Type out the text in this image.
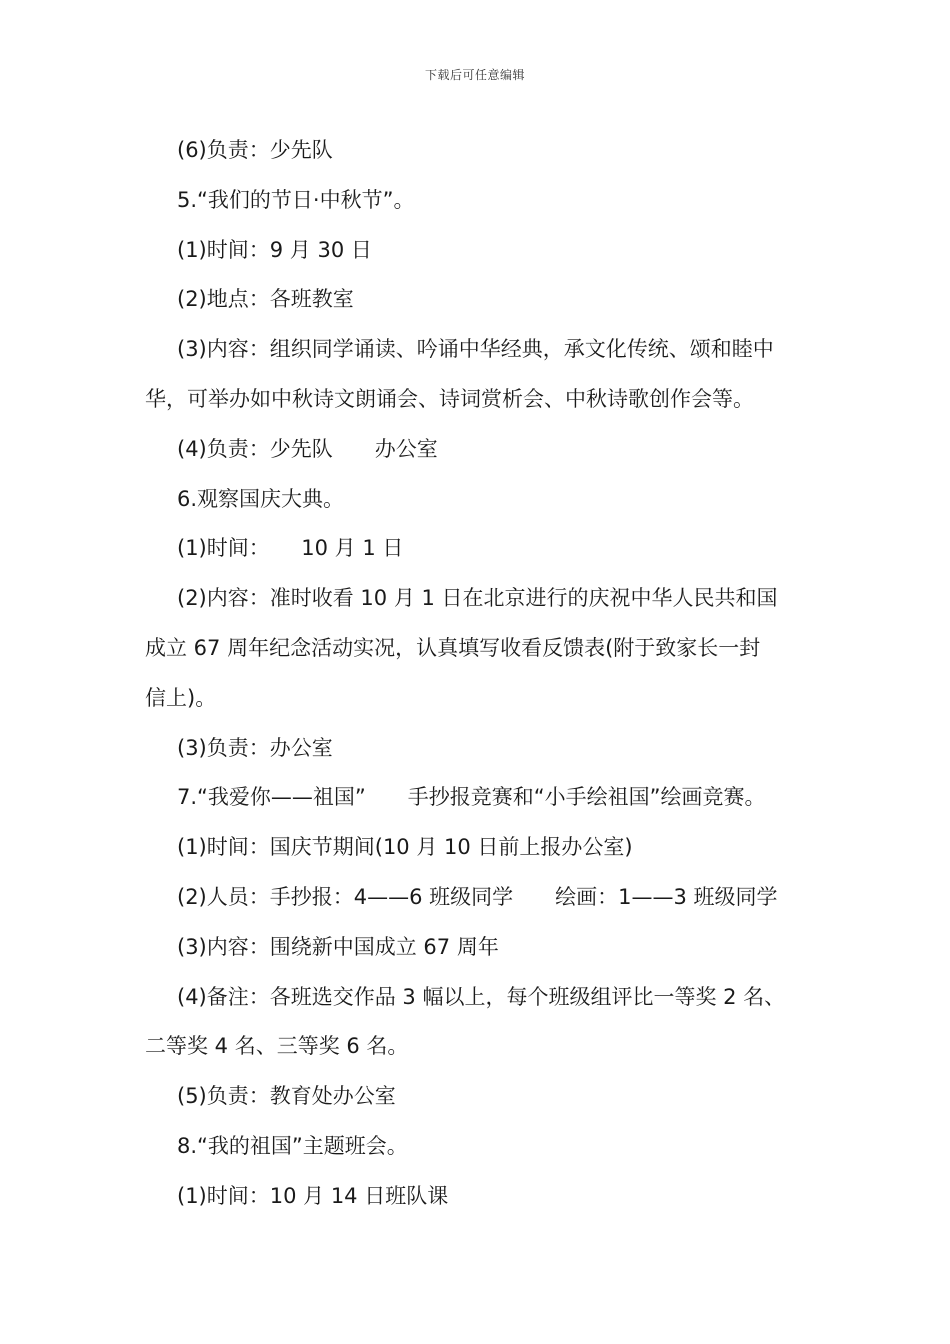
下载后可任意编辑
(6)负责：少先队
5.“我们的节日·中秋节”。
(1)时间：9 月 30 日
(2)地点：各班教室
(3)内容：组织同学诵读、吟诵中华经典，承文化传统、颂和睦中
华，可举办如中秋诗文朗诵会、诗词赏析会、中秋诗歌创作会等。
(4)负责：少先队　　办公室
6.观察国庆大典。
(1)时间：　　10 月 1 日
(2)内容：准时收看 10 月 1 日在北京进行的庆祝中华人民共和国
成立 67 周年纪念活动实况，认真填写收看反馈表(附于致家长一封
信上)。
(3)负责：办公室
7.“我爱你——祖国”　　手抄报竞赛和“小手绘祖国”绘画竞赛。
(1)时间：国庆节期间(10 月 10 日前上报办公室)
(2)人员：手抄报：4——6 班级同学　　绘画：1——3 班级同学
(3)内容：围绕新中国成立 67 周年
(4)备注：各班选交作品 3 幅以上，每个班级组评比一等奖 2 名、
二等奖 4 名、三等奖 6 名。
(5)负责：教育处办公室
8.“我的祖国”主题班会。
(1)时间：10 月 14 日班队课
